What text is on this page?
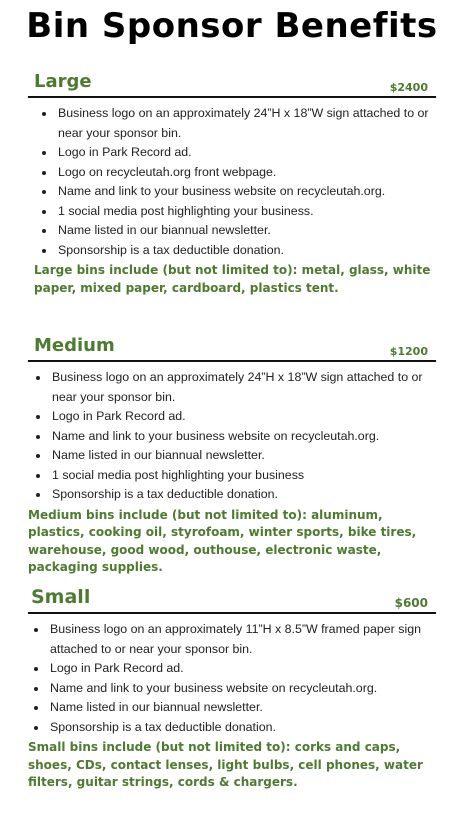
Bin Sponsor Benefits
Large	$2400
• Business logo on an approximately 24”H x 18”W sign attached to or near your sponsor bin.
• Logo in Park Record ad.
• Logo on recycleutah.org front webpage.
• Name and link to your business website on recycleutah.org.
• 1 social media post highlighting your business.
• Name listed in our biannual newsletter.
• Sponsorship is a tax deductible donation.
Large bins include (but not limited to): metal, glass, white paper, mixed paper, cardboard, plastics tent.
Medium	$1200
• Business logo on an approximately 24”H x 18”W sign attached to or near your sponsor bin.
• Logo in Park Record ad.
• Name and link to your business website on recycleutah.org.
• Name listed in our biannual newsletter.
• 1 social media post highlighting your business
• Sponsorship is a tax deductible donation.
Medium bins include (but not limited to): aluminum, plastics, cooking oil, styrofoam, winter sports, bike tires, warehouse, good wood, outhouse, electronic waste, packaging supplies.
Small	$600
• Business logo on an approximately 11”H x 8.5”W framed paper sign attached to or near your sponsor bin.
• Logo in Park Record ad.
• Name and link to your business website on recycleutah.org.
• Name listed in our biannual newsletter.
• Sponsorship is a tax deductible donation.
Small bins include (but not limited to): corks and caps, shoes, CDs, contact lenses, light bulbs, cell phones, water filters, guitar strings, cords & chargers.
